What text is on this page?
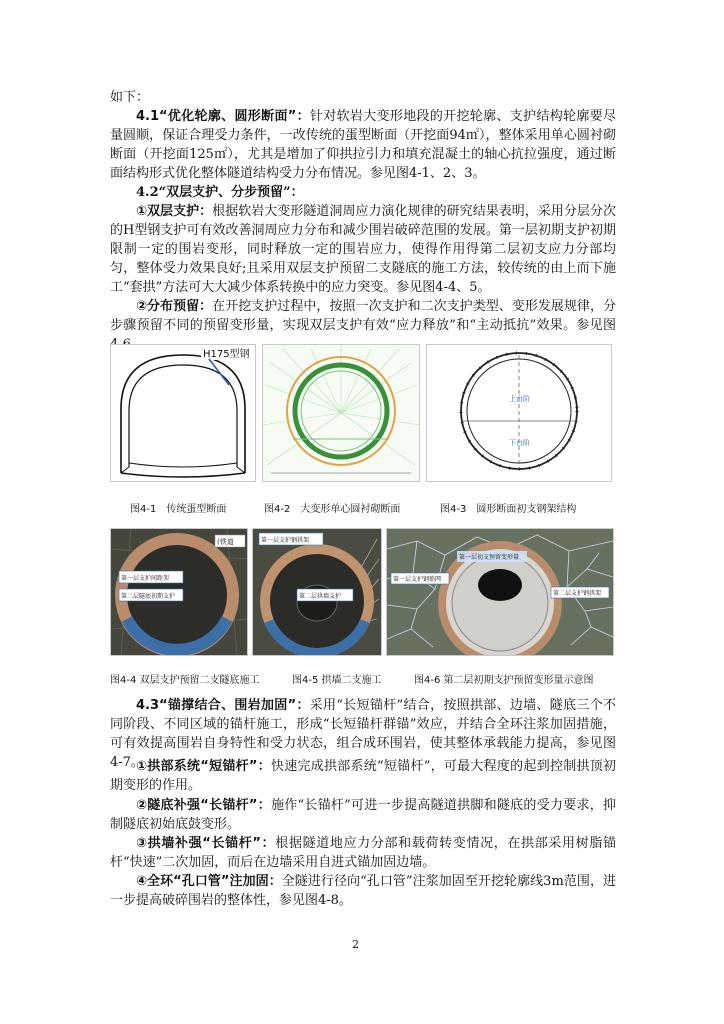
如下：

4.1“优化轮廓、圆形断面”：针对软岩大变形地段的开挖轮廓、支护结构轮廓要尽量圆顺，保证合理受力条件，一改传统的蛋型断面（开挖面94㎡），整体采用单心圆衬砌断面（开挖面125㎡），尤其是增加了仰拱拉引力和填充混凝土的轴心抗拉强度，通过断面结构形式优化整体隧道结构受力分布情况。参见图4-1、2、3。

4.2“双层支护、分步预留”：

①双层支护：根据软岩大变形隧道洞周应力演化规律的研究结果表明，采用分层分次的H型钢支护可有效改善洞周应力分布和减少围岩破碎范围的发展。第一层初期支护初期限制一定的围岩变形，同时释放一定的围岩应力，使得作用得第二层初支应力分部均匀，整体受力效果良好;且采用双层支护预留二支隧底的施工方法，较传统的由上而下施工“套拱”方法可大大减少体系转换中的应力突变。参见图4-4、5。

②分布预留：在开挖支护过程中，按照一次支护和二次支护类型、变形发展规律，分步骤预留不同的预留变形量，实现双层支护有效“应力释放”和“主动抵抗”效果。参见图

H175型钢
上台阶
下台阶
图4-1　传统蛋型断面	图4-2　大变形单心圆衬砌断面	图4-3　圆形断面初支钢架结构
(铁道
第一层支护间距架
第二层隧底初期支护
第一层支护钢拱架
第二层拱墙支护
第一层初支预留变形量
第一层支护钢筋网
第二层支护钢拱架
图4-4 双层支护预留二支隧底施工	图4-5 拱墙二支施工	图4-6 第二层初期支护预留变形量示意图

4.3“锚撑结合、围岩加固”：采用“长短锚杆”结合，按照拱部、边墙、隧底三个不同阶段、不同区域的锚杆施工，形成“长短锚杆群锚”效应，并结合全环注浆加固措施，可有效提高围岩自身特性和受力状态，组合成环围岩，使其整体承载能力提高，参见图4-7。

①拱部系统“短锚杆”：快速完成拱部系统“短锚杆”，可最大程度的起到控制拱顶初期变形的作用。

②隧底补强“长锚杆”：施作“长锚杆”可进一步提高隧道拱脚和隧底的受力要求，抑制隧底初始底鼓变形。

③拱墙补强“长锚杆”：根据隧道地应力分部和载荷转变情况，在拱部采用树脂锚杆“快速”二次加固，而后在边墙采用自进式锚加固边墙。

④全环“孔口管”注加固：全隧进行径向“孔口管”注浆加固至开挖轮廓线3m范围，进一步提高破碎围岩的整体性，参见图4-8。

2
